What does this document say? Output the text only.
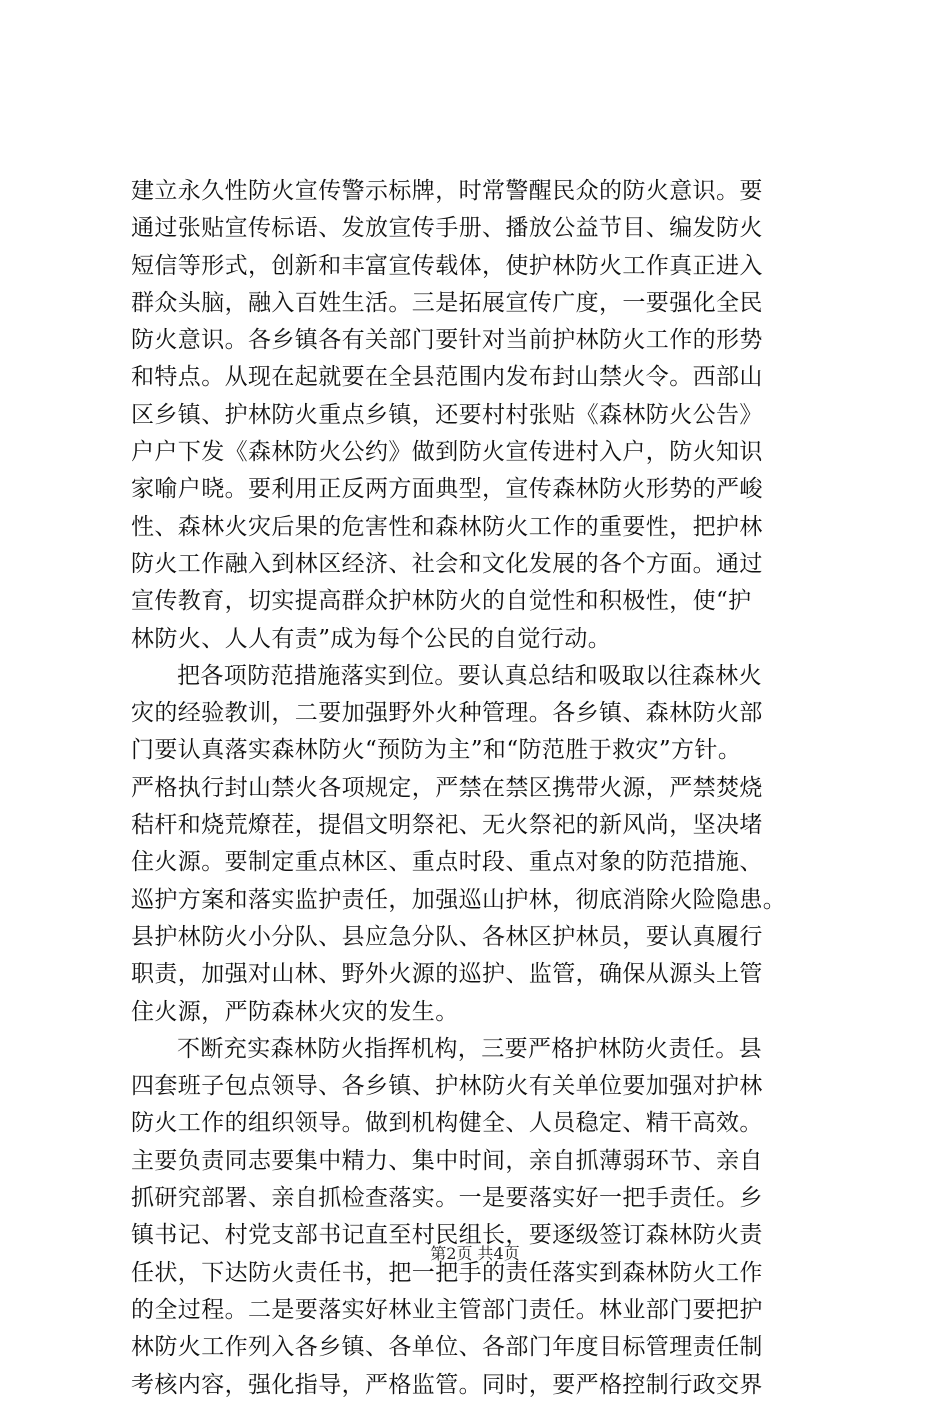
建立永久性防火宣传警示标牌，时常警醒民众的防火意识。要
通过张贴宣传标语、发放宣传手册、播放公益节目、编发防火
短信等形式，创新和丰富宣传载体，使护林防火工作真正进入
群众头脑，融入百姓生活。三是拓展宣传广度，一要强化全民
防火意识。各乡镇各有关部门要针对当前护林防火工作的形势
和特点。从现在起就要在全县范围内发布封山禁火令。西部山
区乡镇、护林防火重点乡镇，还要村村张贴《森林防火公告》
户户下发《森林防火公约》做到防火宣传进村入户，防火知识
家喻户晓。要利用正反两方面典型，宣传森林防火形势的严峻
性、森林火灾后果的危害性和森林防火工作的重要性，把护林
防火工作融入到林区经济、社会和文化发展的各个方面。通过
宣传教育，切实提高群众护林防火的自觉性和积极性，使“护
林防火、人人有责”成为每个公民的自觉行动。
把各项防范措施落实到位。要认真总结和吸取以往森林火
灾的经验教训，二要加强野外火种管理。各乡镇、森林防火部
门要认真落实森林防火“预防为主”和“防范胜于救灾”方针。
严格执行封山禁火各项规定，严禁在禁区携带火源，严禁焚烧
秸杆和烧荒燎茬，提倡文明祭祀、无火祭祀的新风尚，坚决堵
住火源。要制定重点林区、重点时段、重点对象的防范措施、
巡护方案和落实监护责任，加强巡山护林，彻底消除火险隐患。
县护林防火小分队、县应急分队、各林区护林员，要认真履行
职责，加强对山林、野外火源的巡护、监管，确保从源头上管
住火源，严防森林火灾的发生。
不断充实森林防火指挥机构，三要严格护林防火责任。县
四套班子包点领导、各乡镇、护林防火有关单位要加强对护林
防火工作的组织领导。做到机构健全、人员稳定、精干高效。
主要负责同志要集中精力、集中时间，亲自抓薄弱环节、亲自
抓研究部署、亲自抓检查落实。一是要落实好一把手责任。乡
镇书记、村党支部书记直至村民组长，要逐级签订森林防火责
任状，下达防火责任书，把一把手的责任落实到森林防火工作
的全过程。二是要落实好林业主管部门责任。林业部门要把护
林防火工作列入各乡镇、各单位、各部门年度目标管理责任制
考核内容，强化指导，严格监管。同时，要严格控制行政交界
第2页 共4页
